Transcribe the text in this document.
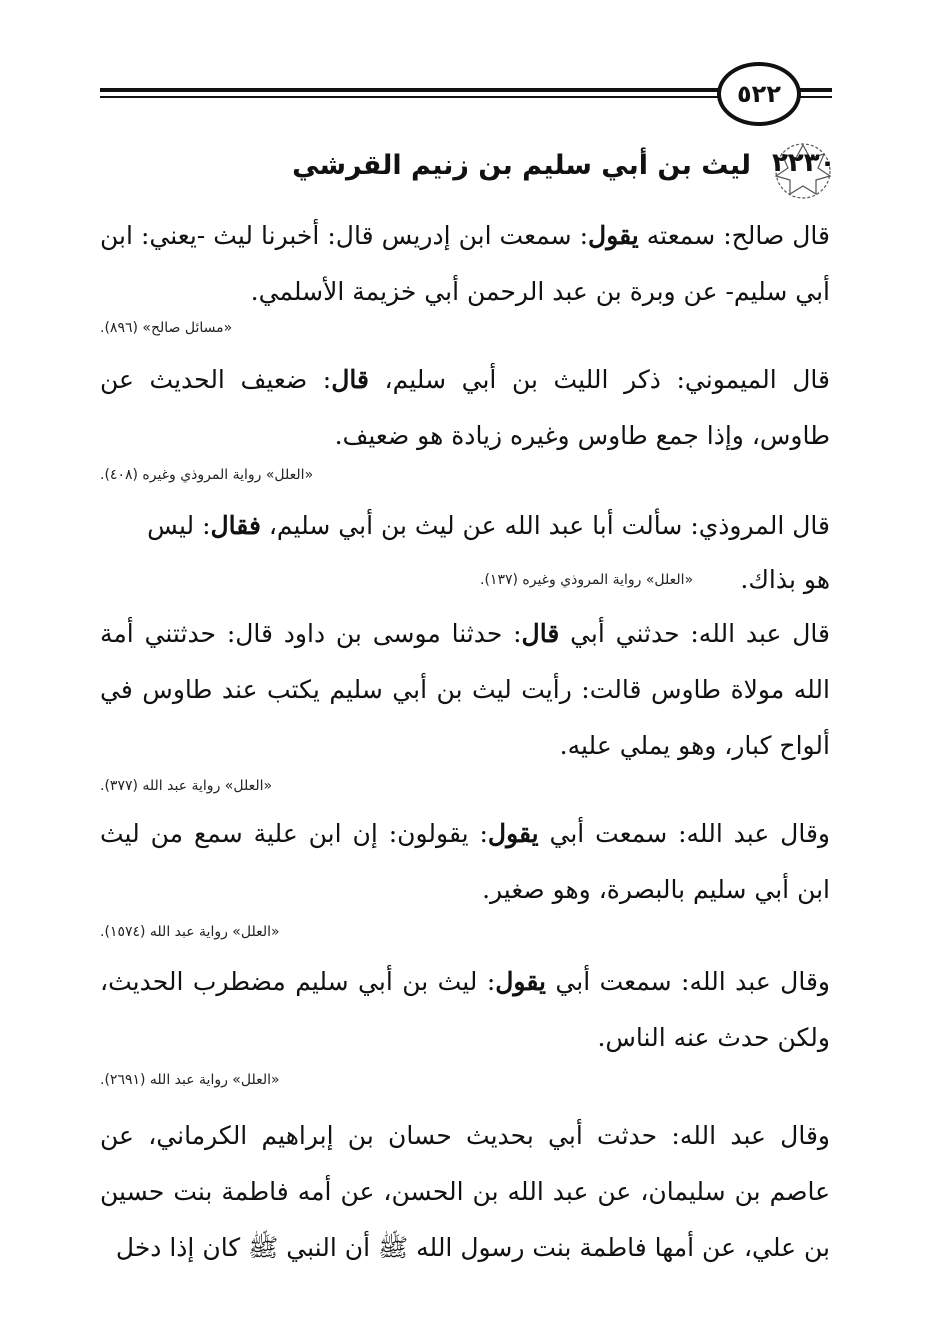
٥٢٢
٢٢٣٠
ليث بن أبي سليم بن زنيم القرشي
قال صالح: سمعته يقول: سمعت ابن إدريس قال: أخبرنا ليث -يعني: ابن أبي سليم- عن وبرة بن عبد الرحمن أبي خزيمة الأسلمي.
«مسائل صالح» (٨٩٦).
قال الميموني: ذكر الليث بن أبي سليم، قال: ضعيف الحديث عن طاوس، وإذا جمع طاوس وغيره زيادة هو ضعيف.
«العلل» رواية المروذي وغيره (٤٠٨).
قال المروذي: سألت أبا عبد الله عن ليث بن أبي سليم، فقال: ليس
هو بذاك.
«العلل» رواية المروذي وغيره (١٣٧).
قال عبد الله: حدثني أبي قال: حدثنا موسى بن داود قال: حدثتني أمة الله مولاة طاوس قالت: رأيت ليث بن أبي سليم يكتب عند طاوس في ألواح كبار، وهو يملي عليه.
«العلل» رواية عبد الله (٣٧٧).
وقال عبد الله: سمعت أبي يقول: يقولون: إن ابن علية سمع من ليث ابن أبي سليم بالبصرة، وهو صغير.
«العلل» رواية عبد الله (١٥٧٤).
وقال عبد الله: سمعت أبي يقول: ليث بن أبي سليم مضطرب الحديث، ولكن حدث عنه الناس.
«العلل» رواية عبد الله (٢٦٩١).
وقال عبد الله: حدثت أبي بحديث حسان بن إبراهيم الكرماني، عن عاصم بن سليمان، عن عبد الله بن الحسن، عن أمه فاطمة بنت حسين بن علي، عن أمها فاطمة بنت رسول الله ﷺ أن النبي ﷺ كان إذا دخل
